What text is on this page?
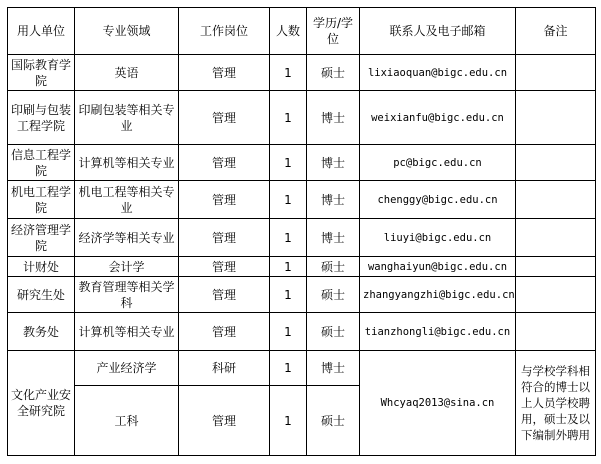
用人单位	专业领域	工作岗位	人数	学历/学位	联系人及电子邮箱	备注
国际教育学院	英语	管理	1	硕士	lixiaoquan@bigc.edu.cn	
印刷与包装工程学院	印刷包装等相关专业	管理	1	博士	weixianfu@bigc.edu.cn	
信息工程学院	计算机等相关专业	管理	1	博士	pc@bigc.edu.cn	
机电工程学院	机电工程等相关专业	管理	1	博士	chenggy@bigc.edu.cn	
经济管理学院	经济学等相关专业	管理	1	博士	liuyi@bigc.edu.cn	
计财处	会计学	管理	1	硕士	wanghaiyun@bigc.edu.cn	
研究生处	教育管理等相关学科	管理	1	硕士	zhangyangzhi@bigc.edu.cn	
教务处	计算机等相关专业	管理	1	硕士	tianzhongli@bigc.edu.cn	
文化产业安全研究院	产业经济学	科研	1	博士	Whcyaq2013@sina.cn	与学校学科相符合的博士以上人员学校聘用，硕士及以下编制外聘用
	工科	管理	1	硕士		
